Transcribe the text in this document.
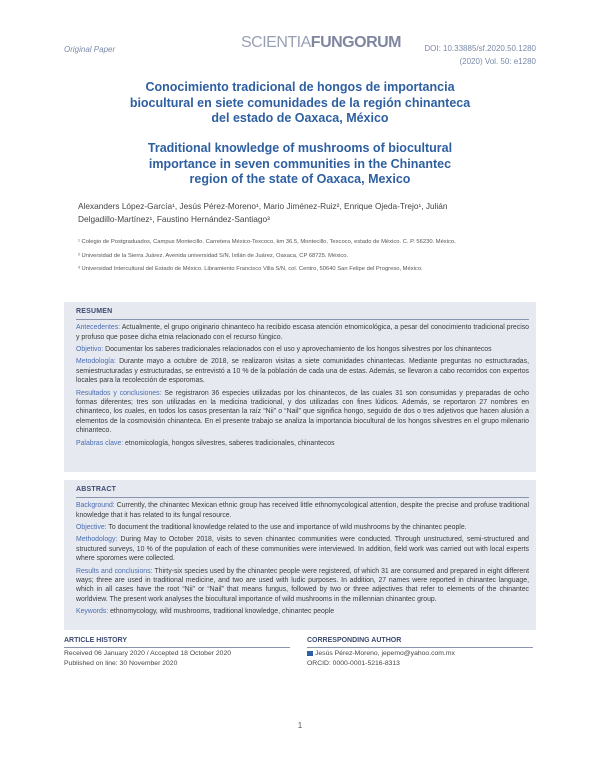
SCIENTIAFUNGORUM
Original Paper	DOI: 10.33885/sf.2020.50.1280
(2020) Vol. 50: e1280
Conocimiento tradicional de hongos de importancia
biocultural en siete comunidades de la región chinanteca
del estado de Oaxaca, México
Traditional knowledge of mushrooms of biocultural
importance in seven communities in the Chinantec
region of the state of Oaxaca, Mexico
Alexanders López-García¹, Jesús Pérez-Moreno¹, Mario Jiménez-Ruiz², Enrique Ojeda-Trejo¹, Julián
Delgadillo-Martínez¹, Faustino Hernández-Santiago³

¹ Colegio de Postgraduados, Campus Montecillo. Carretera México-Texcoco, km 36.5, Montecillo, Texcoco, estado de México. C. P. 56230. México.

² Universidad de la Sierra Juárez. Avenida universidad S/N, Ixtlán de Juárez, Oaxaca, CP 68725. México.

³ Universidad Intercultural del Estado de México. Libramiento Francisco Villa S/N, col. Centro, 50640 San Felipe del Progreso, México.

RESUMEN

Antecedentes: Actualmente, el grupo originario chinanteco ha recibido escasa atención etnomicológica, a pesar del conocimiento tradicional preciso y profuso que posee dicha etnia relacionado con el recurso fúngico.

Objetivo: Documentar los saberes tradicionales relacionados con el uso y aprovechamiento de los hongos silvestres por los chinantecos

Metodología: Durante mayo a octubre de 2018, se realizaron visitas a siete comunidades chinantecas. Mediante preguntas no estructuradas, semiestructuradas y estructuradas, se entrevistó a 10 % de la población de cada una de estas. Además, se llevaron a cabo recorridos con expertos locales para la recolección de esporomas.

Resultados y conclusiones: Se registraron 36 especies utilizadas por los chinantecos, de las cuales 31 son consumidas y preparadas de ocho formas diferentes; tres son utilizadas en la medicina tradicional, y dos utilizadas con fines lúdicos. Además, se reportaron 27 nombres en chinanteco, los cuales, en todos los casos presentan la raíz “Nii” o “Nail” que significa hongo, seguido de dos o tres adjetivos que hacen alusión a elementos de la cosmovisión chinanteca. En el presente trabajo se analiza la importancia biocultural de los hongos silvestres en el grupo milenario chinanteco.

Palabras clave: etnomicología, hongos silvestres, saberes tradicionales, chinantecos

ABSTRACT

Background: Currently, the chinantec Mexican ethnic group has received little ethnomycological attention, despite the precise and profuse traditional knowledge that it has related to its fungal resource.

Objective: To document the traditional knowledge related to the use and importance of wild mushrooms by the chinantec people.

Methodology: During May to October 2018, visits to seven chinantec communities were conducted. Through unstructured, semi-structured and structured surveys, 10 % of the population of each of these communities were interviewed. In addition, field work was carried out with local experts where sporomes were collected.

Results and conclusions: Thirty-six species used by the chinantec people were registered, of which 31 are consumed and prepared in eight different ways; three are used in traditional medicine, and two are used with ludic purposes. In addition, 27 names were reported in chinantec language, which in all cases have the root “Nii” or “Nail” that means fungus, followed by two or three adjectives that refer to elements of the chinantec worldview. The present work analyses the biocultural importance of wild mushrooms in the millennian chinantec group.

Keywords: ethnomycology, wild mushrooms, traditional knowledge, chinantec people

ARTICLE HISTORY
Received 06 January 2020 / Accepted 18 October 2020
Published on line: 30 November 2020
CORRESPONDING AUTHOR
Jesús Pérez-Moreno, jepemo@yahoo.com.mx
ORCID: 0000-0001-5216-8313
1
